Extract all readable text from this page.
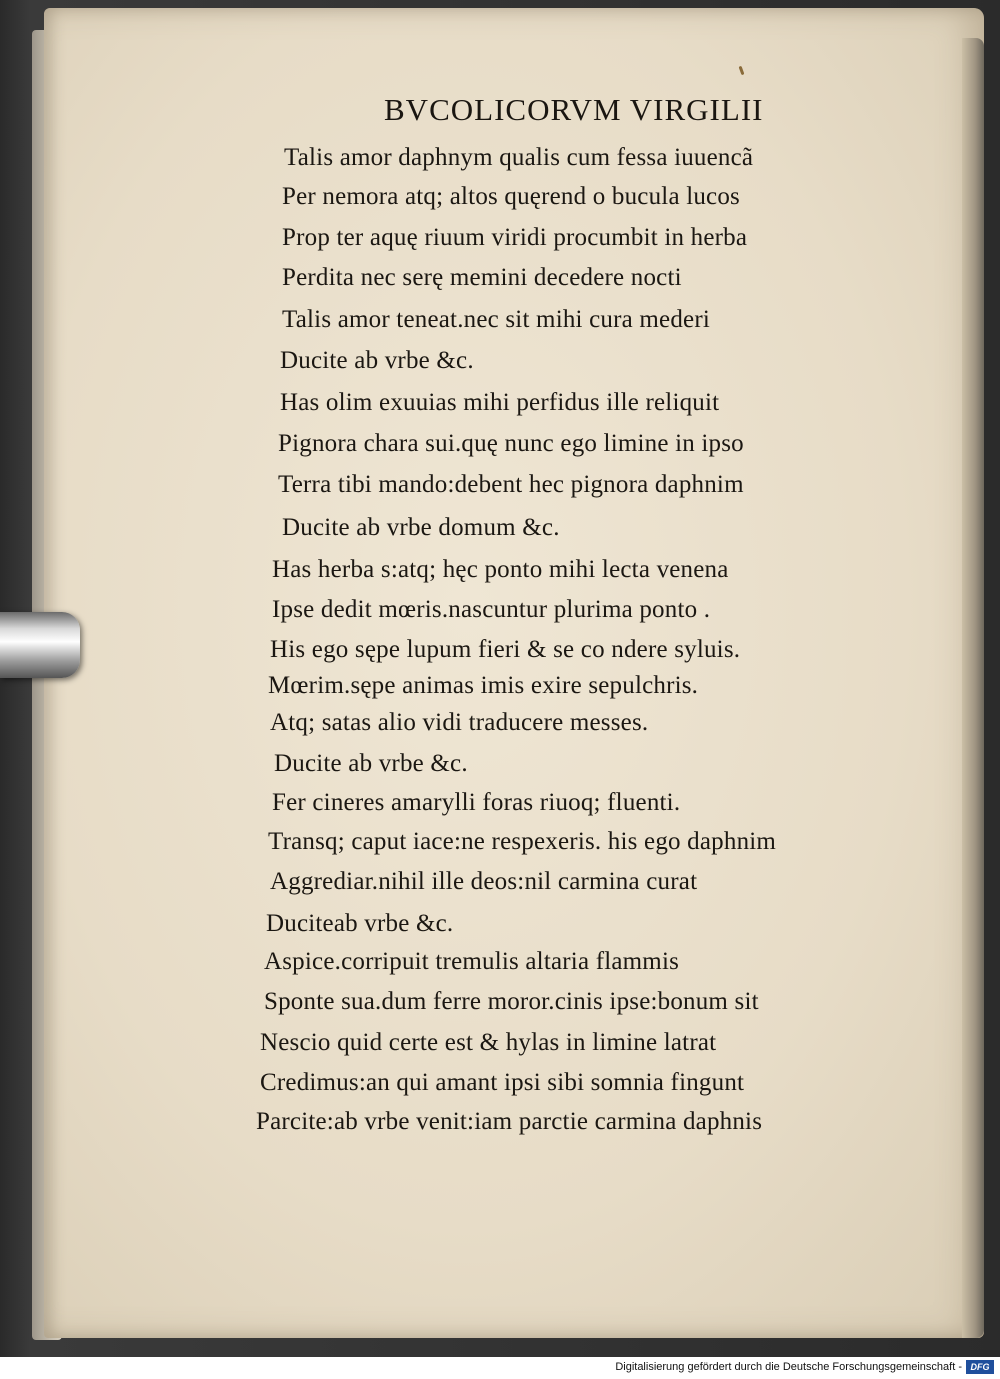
BVCOLICORVM VIRGILII
Talis amor daphnym qualis cum fessa iuuencã
Per nemora atq; altos quęrend o bucula lucos
Prop ter aquę riuum viridi procumbit in herba
Perdita nec serę memini decedere nocti
Talis amor teneat.nec sit mihi cura mederi
Ducite ab vrbe &c.
Has olim exuuias mihi perfidus ille reliquit
Pignora chara sui.quę nunc ego limine in ipso
Terra tibi mando:debent hec pignora daphnim
Ducite ab vrbe domum &c.
Has herba s:atq; hęc ponto mihi lecta venena
Ipse dedit mœris.nascuntur plurima ponto .
His ego sępe lupum fieri & se co ndere syluis.
Mœrim.sępe animas imis exire sepulchris.
Atq; satas alio vidi traducere messes.
Ducite ab vrbe &c.
Fer cineres amarylli foras riuoq; fluenti.
Transq; caput iace:ne respexeris. his ego daphnim
Aggrediar.nihil ille deos:nil carmina curat
Duciteab vrbe &c.
Aspice.corripuit tremulis altaria flammis
Sponte sua.dum ferre moror.cinis ipse:bonum sit
Nescio quid certe est & hylas in limine latrat
Credimus:an qui amant ipsi sibi somnia fingunt
Parcite:ab vrbe venit:iam parctie carmina daphnis
Digitalisierung gefördert durch die Deutsche Forschungsgemeinschaft - DFG
